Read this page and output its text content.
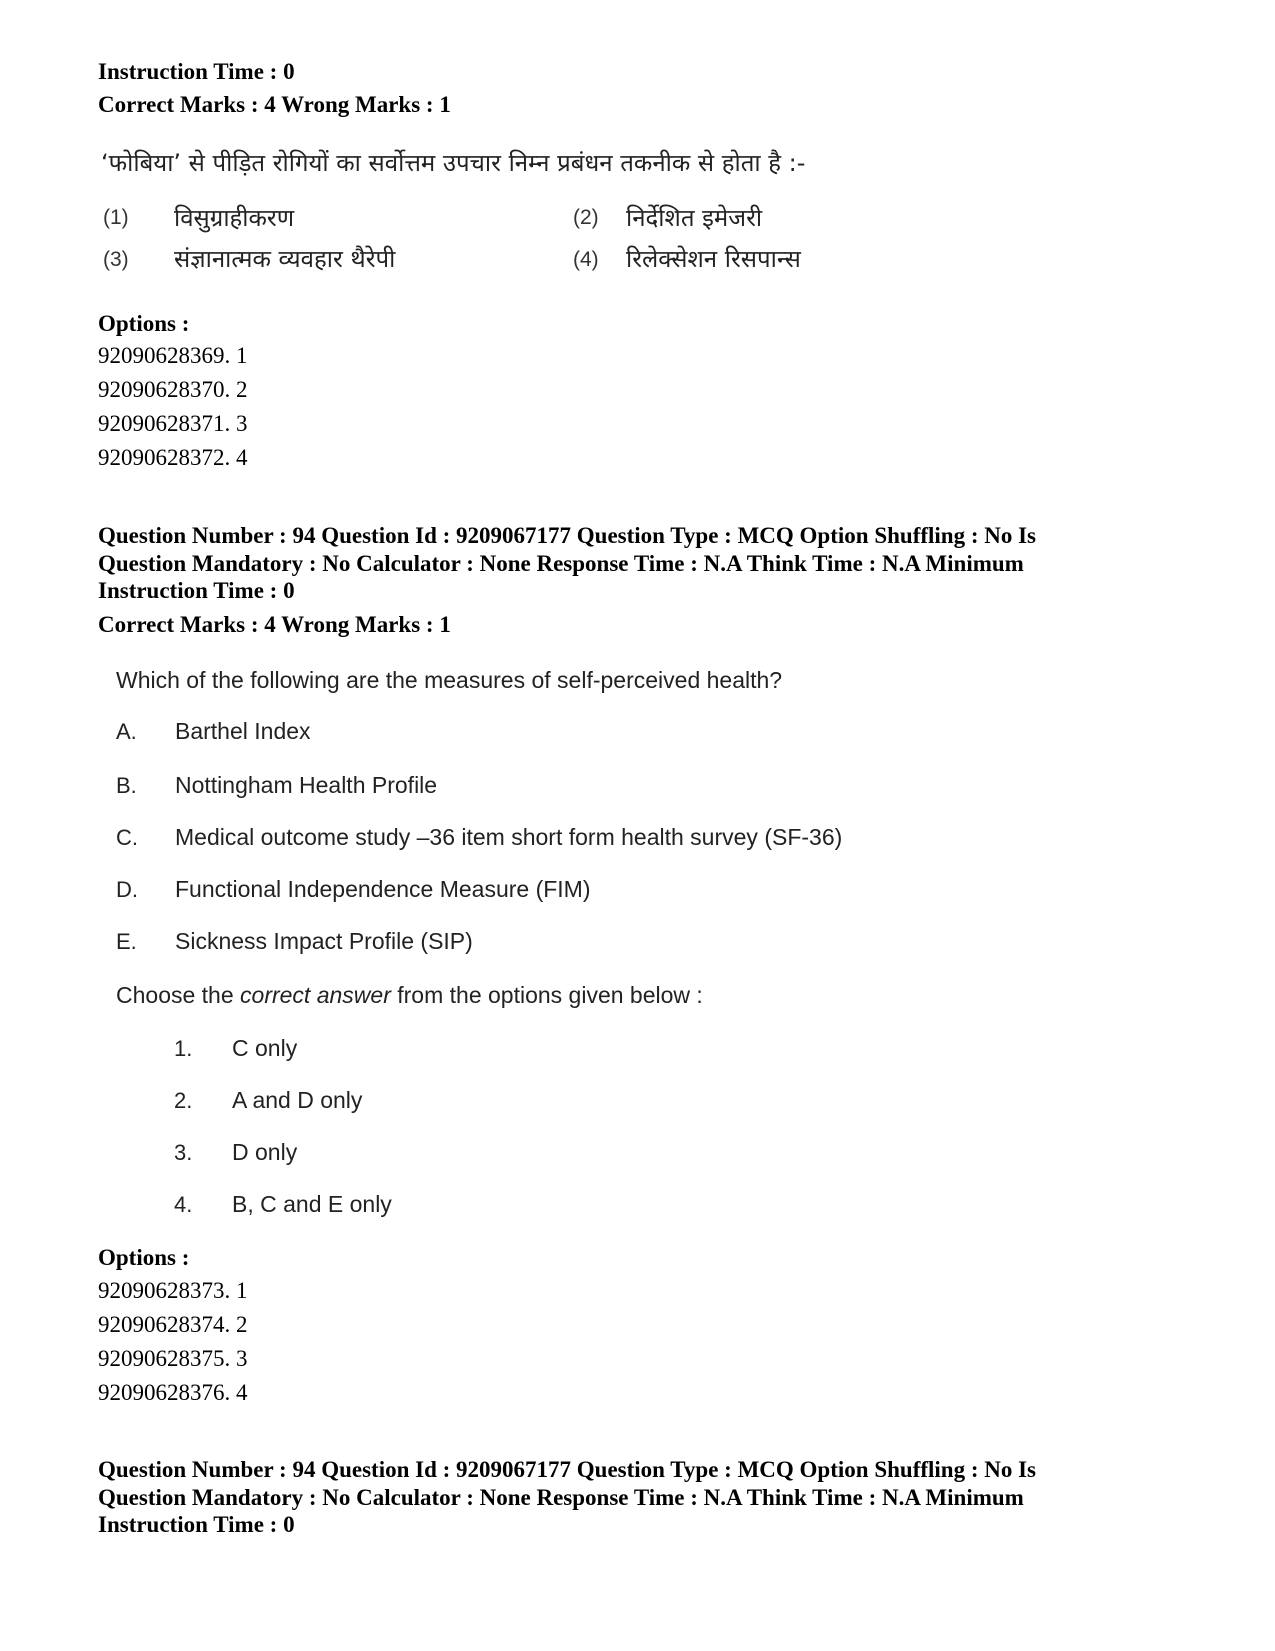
Instruction Time : 0
Correct Marks : 4 Wrong Marks : 1
‘फोबिया’ से पीड़ित रोगियों का सर्वोत्तम उपचार निम्न प्रबंधन तकनीक से होता है :-
(1) विसुग्राहीकरण	(2) निर्देशित इमेजरी
(3) संज्ञानात्मक व्यवहार थैरेपी	(4) रिलेक्सेशन रिसपान्स
Options :
92090628369. 1
92090628370. 2
92090628371. 3
92090628372. 4
Question Number : 94 Question Id : 9209067177 Question Type : MCQ Option Shuffling : No Is
Question Mandatory : No Calculator : None Response Time : N.A Think Time : N.A Minimum
Instruction Time : 0
Correct Marks : 4 Wrong Marks : 1
Which of the following are the measures of self-perceived health?
A. Barthel Index
B. Nottingham Health Profile
C. Medical outcome study –36 item short form health survey (SF-36)
D. Functional Independence Measure (FIM)
E. Sickness Impact Profile (SIP)
Choose the correct answer from the options given below :
1. C only
2. A and D only
3. D only
4. B, C and E only
Options :
92090628373. 1
92090628374. 2
92090628375. 3
92090628376. 4
Question Number : 94 Question Id : 9209067177 Question Type : MCQ Option Shuffling : No Is
Question Mandatory : No Calculator : None Response Time : N.A Think Time : N.A Minimum
Instruction Time : 0
